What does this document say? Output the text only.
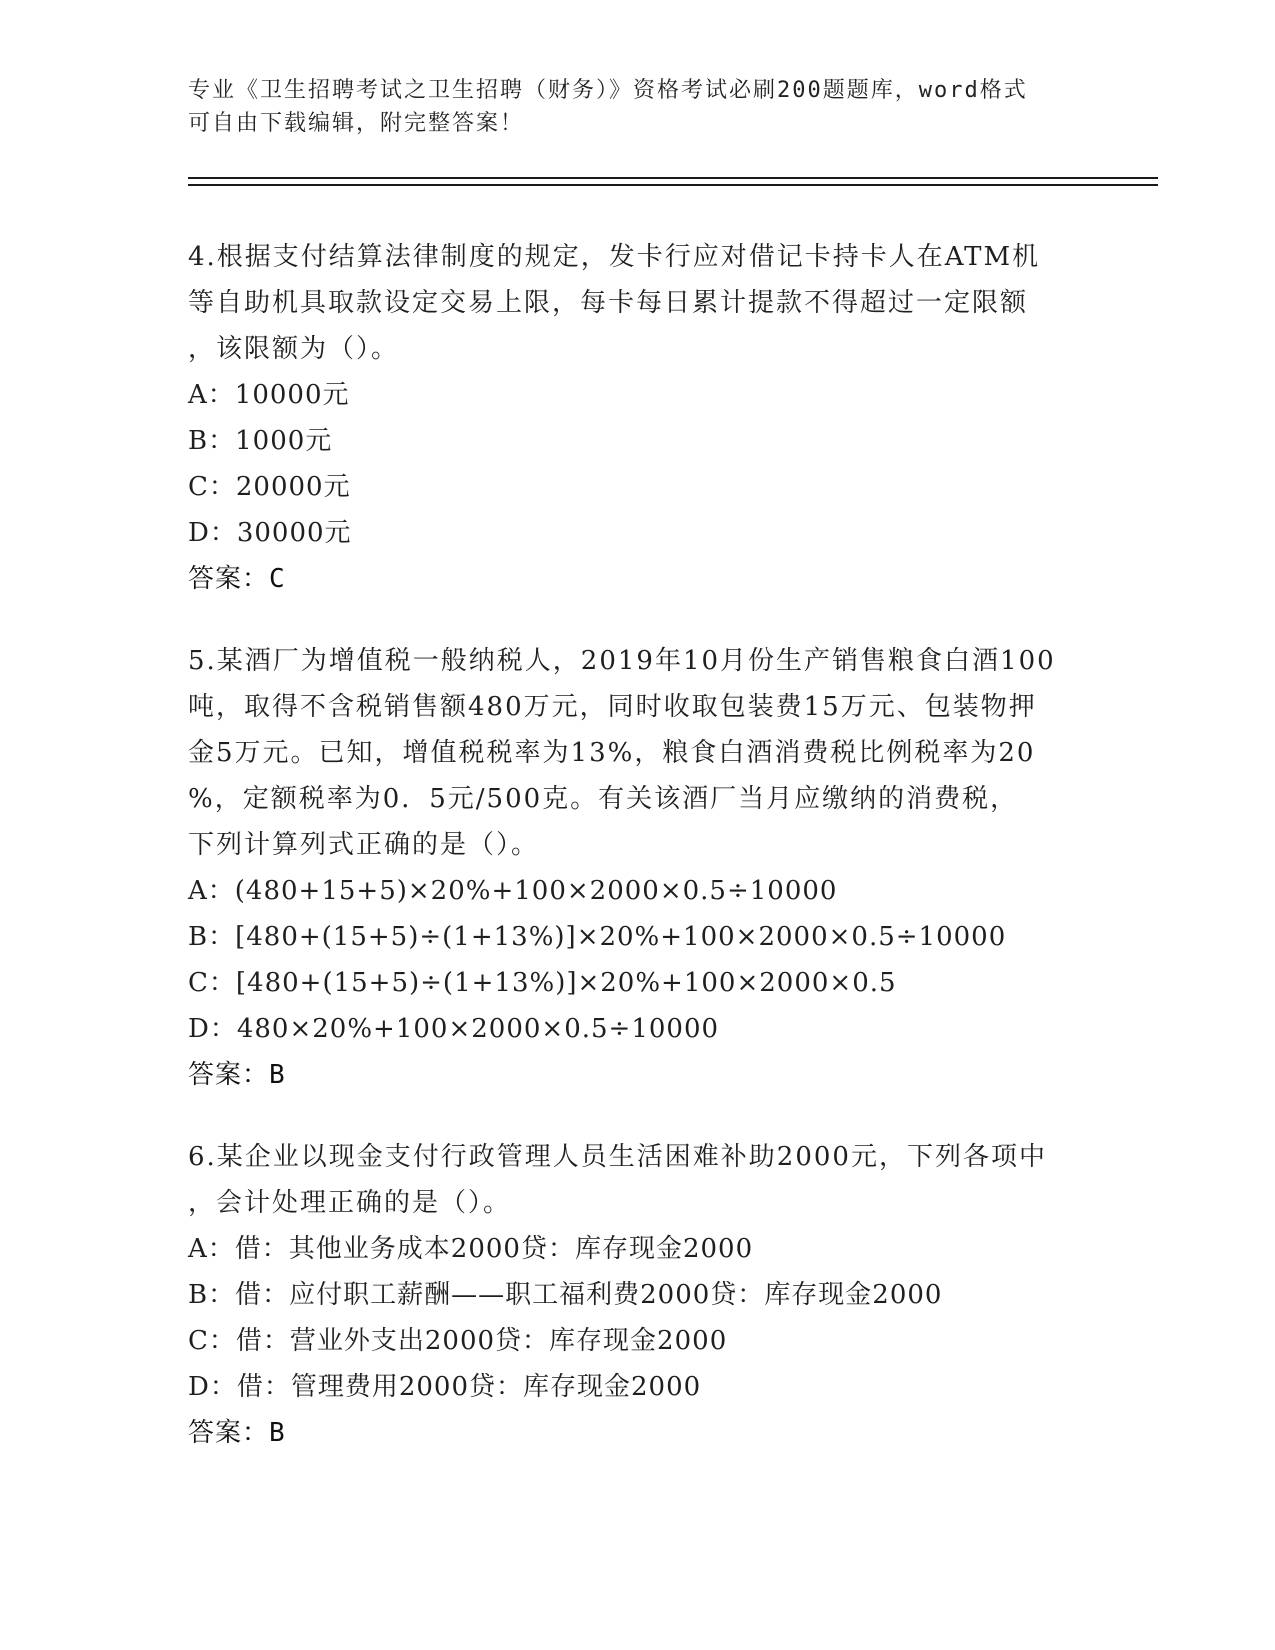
专业《卫生招聘考试之卫生招聘（财务）》资格考试必刷200题题库，word格式
可自由下载编辑，附完整答案！

4.根据支付结算法律制度的规定，发卡行应对借记卡持卡人在ATM机

等自助机具取款设定交易上限，每卡每日累计提款不得超过一定限额

，该限额为（）。

A：10000元

B：1000元

C：20000元

D：30000元

答案：C

5.某酒厂为增值税一般纳税人，2019年10月份生产销售粮食白酒100

吨，取得不含税销售额480万元，同时收取包装费15万元、包装物押

金5万元。已知，增值税税率为13%，粮食白酒消费税比例税率为20

%，定额税率为0．5元/500克。有关该酒厂当月应缴纳的消费税，

下列计算列式正确的是（）。

A：(480+15+5)×20%+100×2000×0.5÷10000

B：[480+(15+5)÷(1+13%)]×20%+100×2000×0.5÷10000

C：[480+(15+5)÷(1+13%)]×20%+100×2000×0.5

D：480×20%+100×2000×0.5÷10000

答案：B

6.某企业以现金支付行政管理人员生活困难补助2000元，下列各项中

，会计处理正确的是（）。

A：借：其他业务成本2000贷：库存现金2000

B：借：应付职工薪酬——职工福利费2000贷：库存现金2000

C：借：营业外支出2000贷：库存现金2000

D：借：管理费用2000贷：库存现金2000

答案：B
